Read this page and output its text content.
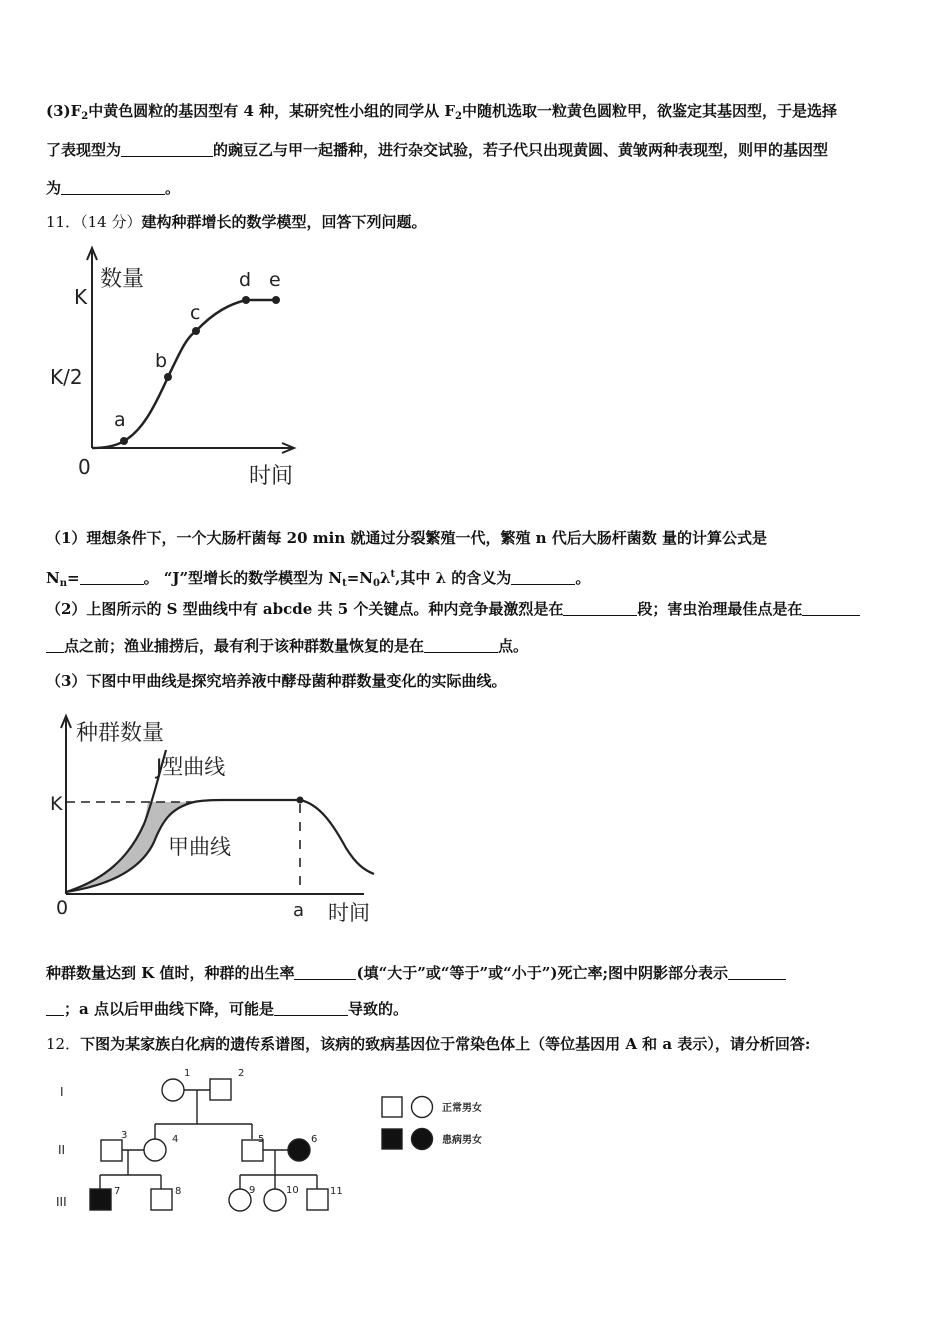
$(3)F_2$中黄色圆粒的基因型有 4 种，某研究性小组的同学从 $F_2$中随机选取一粒黄色圆粒甲，欲鉴定其基因型，于是选择
了表现型为	的豌豆乙与甲一起播种，进行杂交试验，若子代只出现黄圆、黄皱两种表现型，则甲的基因型
为	。
11．（14 分）建构种群增长的数学模型，回答下列问题。
数量
时间
K
K/2
0
a
b
c
d e
（1）理想条件下，一个大肠杆菌每 20 min 就通过分裂繁殖一代，繁殖 n 代后大肠杆菌数 量的计算公式是
$N_n=$	。 “J”型增长的数学模型为 $N_t=N_0\lambda^t$,其中 λ 的含义为	。
（2）上图所示的 S 型曲线中有 abcde 共 5 个关键点。种内竞争最激烈是在	段；害虫治理最佳点是在
点之前；渔业捕捞后，最有利于该种群数量恢复的是在	点。
（3）下图中甲曲线是探究培养液中酵母菌种群数量变化的实际曲线。
种群数量
时间
K
0	a
J型曲线
甲曲线
种群数量达到 K 值时，种群的出生率	(填“大于”或“等于”或“小于”)死亡率;图中阴影部分表示
；a 点以后甲曲线下降，可能是	导致的。
12．下图为某家族白化病的遗传系谱图，该病的致病基因位于常染色体上（等位基因用 A 和 a 表示），请分析回答:
I
II
III
1	2
3	4	5	6
7	8	9	10	11
正常男女
患病男女
